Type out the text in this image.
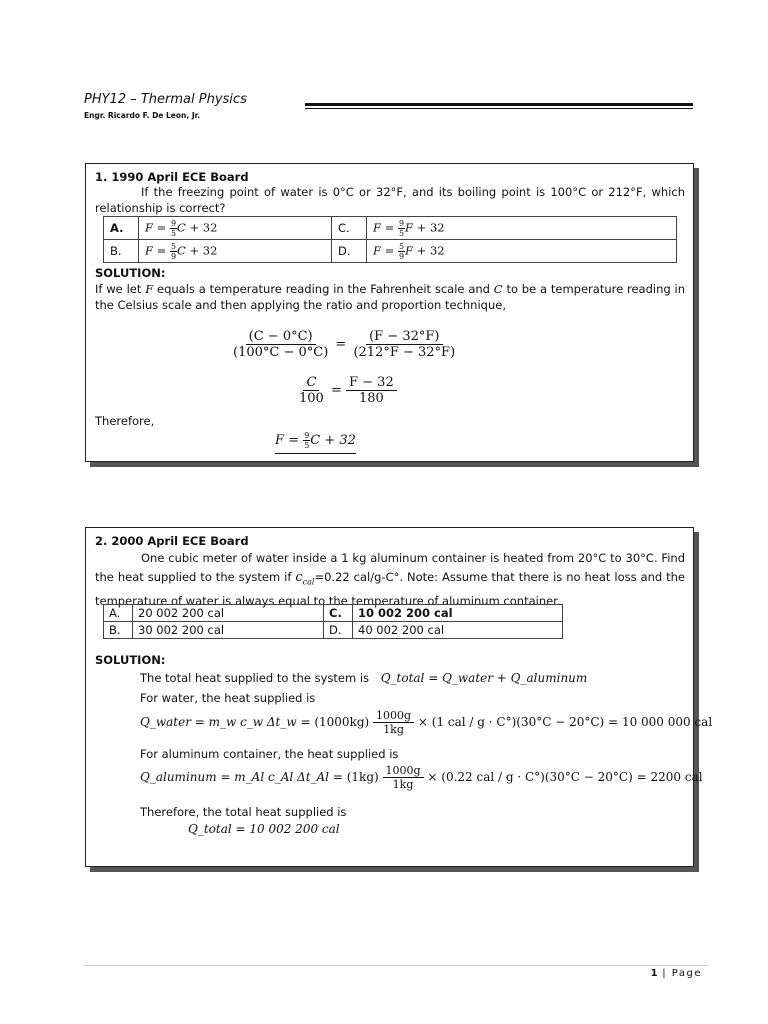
PHY12 – Thermal Physics
Engr. Ricardo F. De Leon, Jr.
1. 1990 April ECE Board
If the freezing point of water is 0°C or 32°F, and its boiling point is 100°C or 212°F, which relationship is correct?
A.	$F = \frac{9}{5}$ C + 32	C.	$F = \frac{9}{5}$ F + 32
B.	$F = \frac{5}{9}$ C + 32	D.	$F = \frac{5}{9}$ F + 32
SOLUTION:
If we let F equals a temperature reading in the Fahrenheit scale and C to be a temperature reading in the Celsius scale and then applying the ratio and proportion technique,
$\frac{(C - 0^\circ C)}{(100^\circ C - 0^\circ C)} = \frac{(F - 32^\circ F)}{(212^\circ F - 32^\circ F)}$
$\frac{C}{100} = \frac{F - 32}{180}$
Therefore,
$F = \frac{9}{5}$ C + 32
2. 2000 April ECE Board
One cubic meter of water inside a 1 kg aluminum container is heated from 20°C to 30°C. Find the heat supplied to the system if $c_{cal}=0.22$ cal/g-C°. Note: Assume that there is no heat loss and the temperature of water is always equal to the temperature of aluminum container.
A.	20 002 200 cal	C.	10 002 200 cal
B.	30 002 200 cal	D.	40 002 200 cal
SOLUTION:
The total heat supplied to the system is Q_total = Q_water + Q_aluminum
For water, the heat supplied is
Q_water = m_w c_w Δt_w = $(1000kg) \frac{1000g}{1kg} \times (1$ cal / g · C°)(30°C − 20°C) = 10 000 000 cal
For aluminum container, the heat supplied is
Q_aluminum = m_Al c_Al Δt_Al = $(1kg) \frac{1000g}{1kg} \times (0.22$ cal / g · C°)(30°C − 20°C) = 2200 cal
Therefore, the total heat supplied is
Q_total = 10 002 200 cal
1 | Page
